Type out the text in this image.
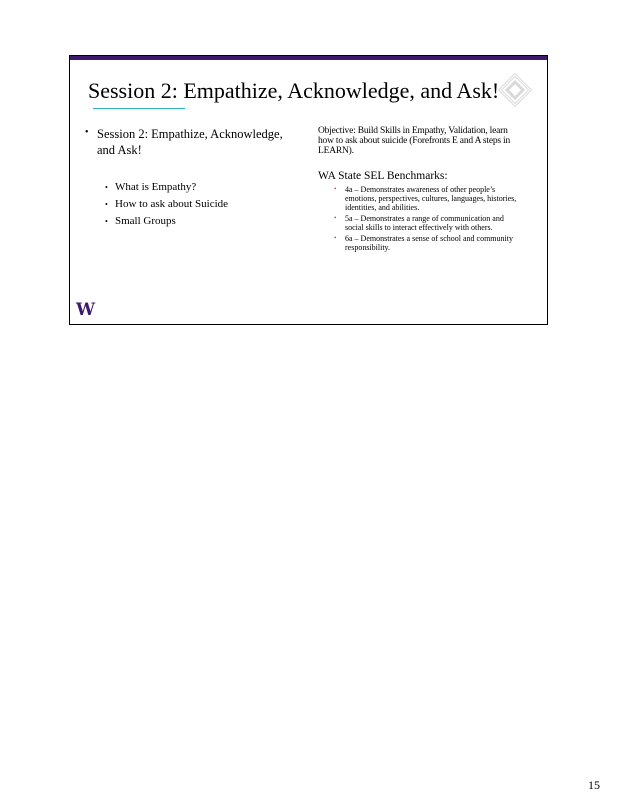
Session 2: Empathize, Acknowledge, and Ask!
• Session 2: Empathize, Acknowledge, and Ask!
• What is Empathy?
• How to ask about Suicide
• Small Groups
Objective: Build Skills in Empathy, Validation, learn how to ask about suicide (Forefronts E and A steps in LEARN).
WA State SEL Benchmarks:
• 4a – Demonstrates awareness of other people’s emotions, perspectives, cultures, languages, histories, identities, and abilities.
• 5a – Demonstrates a range of communication and social skills to interact effectively with others.
• 6a – Demonstrates a sense of school and community responsibility.
W
15
